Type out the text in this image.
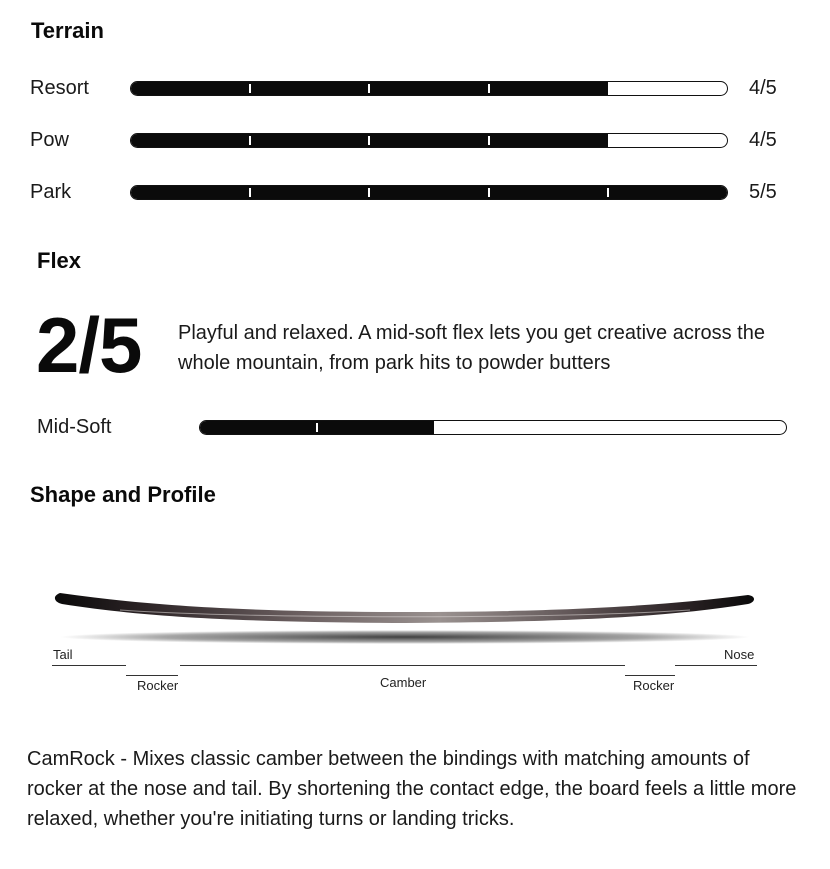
Terrain
Resort	4/5
Pow	4/5
Park	5/5
Flex
2/5 Playful and relaxed. A mid-soft flex lets you get creative across the whole mountain, from park hits to powder butters
Mid-Soft
Shape and Profile
Tail	Nose
Rocker	Camber	Rocker
CamRock - Mixes classic camber between the bindings with matching amounts of rocker at the nose and tail. By shortening the contact edge, the board feels a little more relaxed, whether you're initiating turns or landing tricks.
